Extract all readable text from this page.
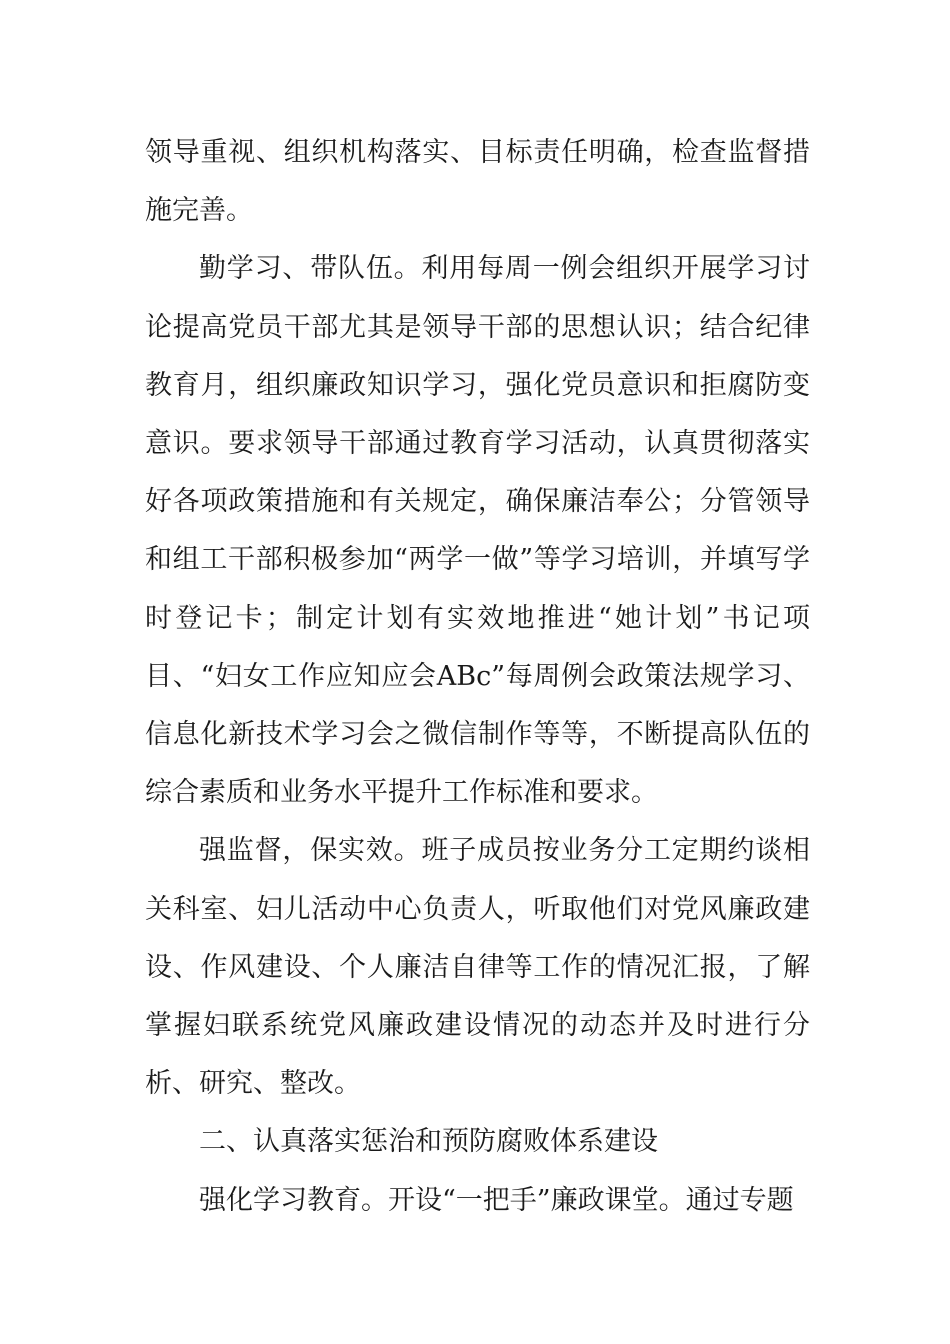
领导重视、组织机构落实、目标责任明确，检查监督措施完善。

勤学习、带队伍。利用每周一例会组织开展学习讨论提高党员干部尤其是领导干部的思想认识；结合纪律教育月，组织廉政知识学习，强化党员意识和拒腐防变意识。要求领导干部通过教育学习活动，认真贯彻落实好各项政策措施和有关规定，确保廉洁奉公；分管领导和组工干部积极参加“两学一做”等学习培训，并填写学时登记卡；制定计划有实效地推进“她计划”书记项目、“妇女工作应知应会ABc”每周例会政策法规学习、信息化新技术学习会之微信制作等等，不断提高队伍的综合素质和业务水平提升工作标准和要求。

强监督，保实效。班子成员按业务分工定期约谈相关科室、妇儿活动中心负责人，听取他们对党风廉政建设、作风建设、个人廉洁自律等工作的情况汇报，了解掌握妇联系统党风廉政建设情况的动态并及时进行分析、研究、整改。

二、认真落实惩治和预防腐败体系建设

强化学习教育。开设“一把手”廉政课堂。通过专题
